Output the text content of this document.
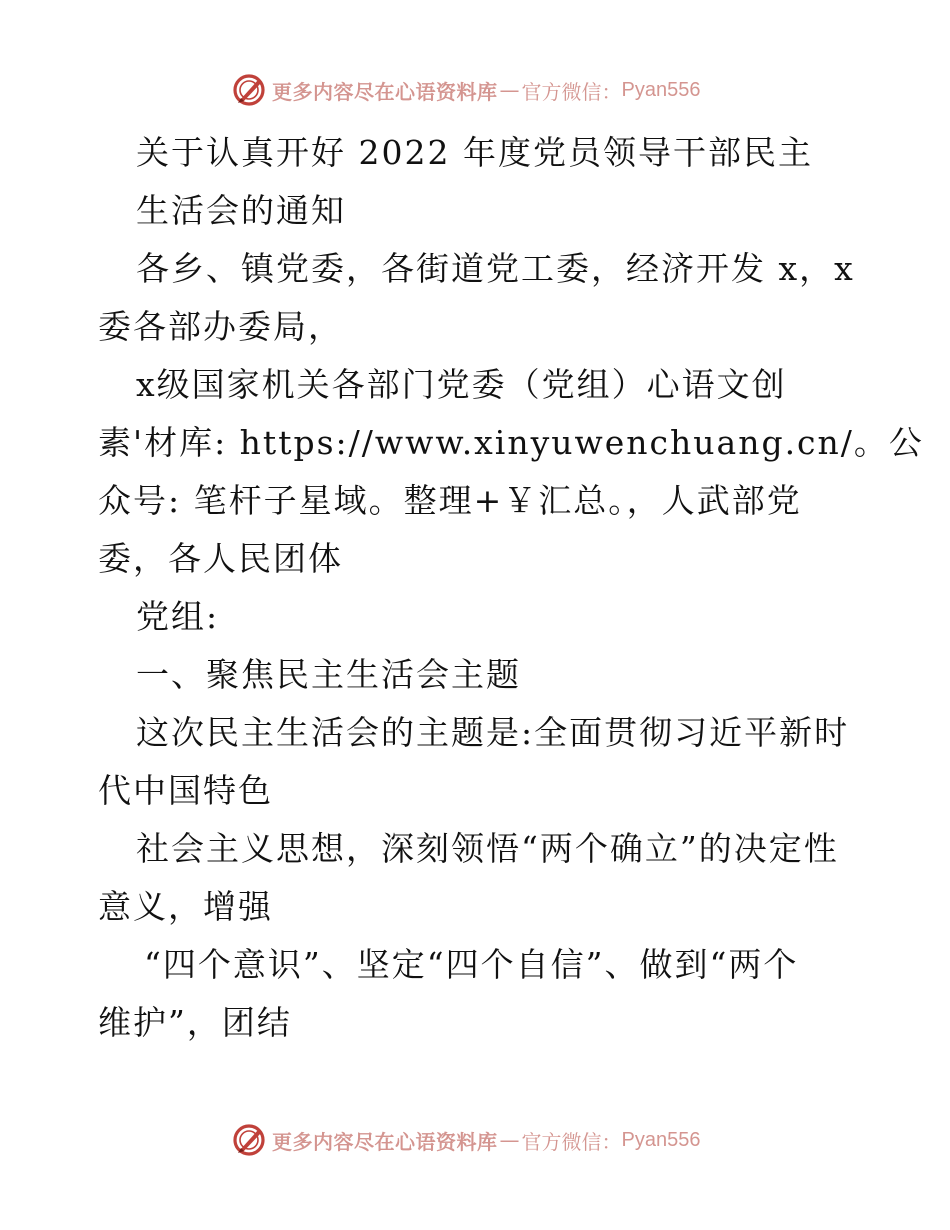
更多内容尽在心语资料库 — 官方微信： Pyan556
关于认真开好 2022 年度党员领导干部民主
生活会的通知
各乡、镇党委，各街道党工委，经济开发 x，x
委各部办委局，
x级国家机关各部门党委（党组）心语文创
素'材库: https://www.xinyuwenchuang.cn/。公
众号: 笔杆子星域。整理+￥汇总。，人武部党
委，各人民团体
党组:
一、聚焦民主生活会主题
这次民主生活会的主题是:全面贯彻习近平新时
代中国特色
社会主义思想，深刻领悟“两个确立”的决定性
意义，增强
“四个意识”、坚定“四个自信”、做到“两个
维护”，团结
更多内容尽在心语资料库 — 官方微信： Pyan556
